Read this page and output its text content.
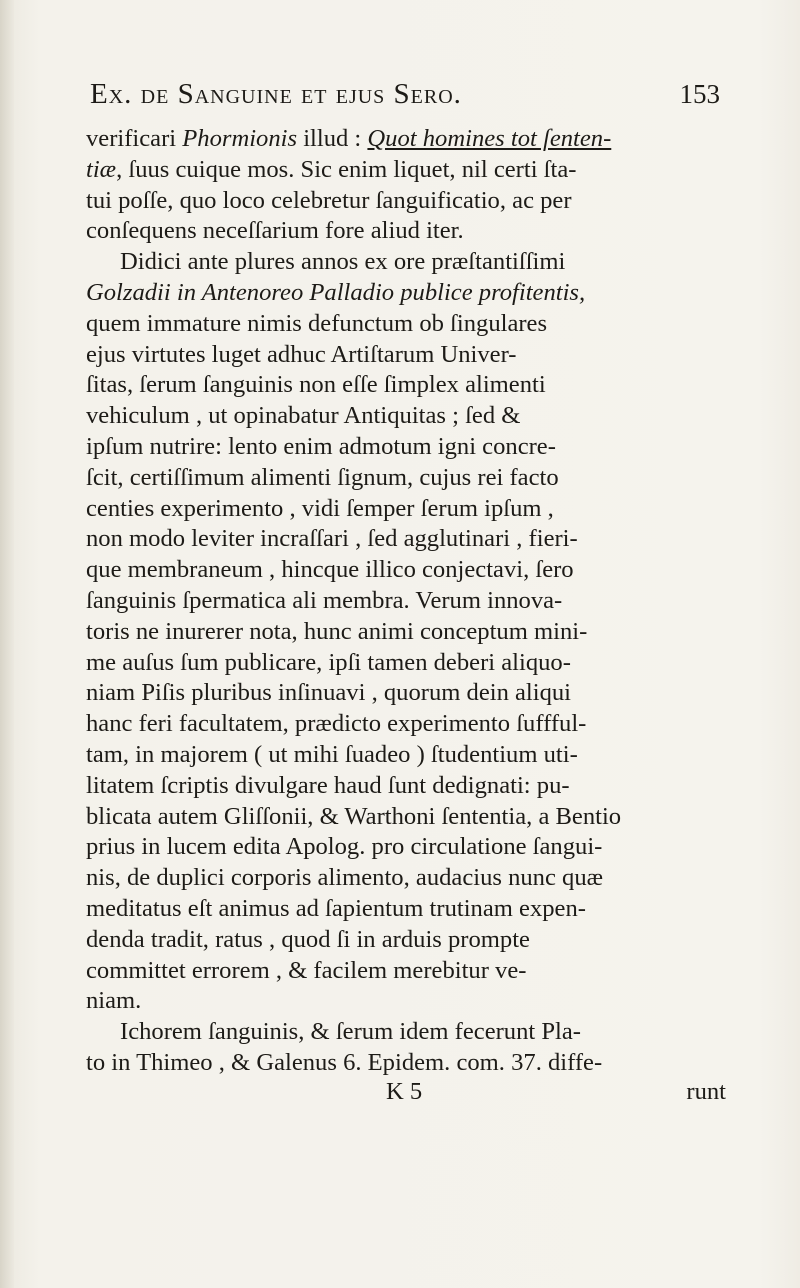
Ex. de Sanguine et ejus Sero.	153
verificari Phormionis illud : Quot homines tot ſenten-
tiæ, ſuus cuique mos. Sic enim liquet, nil certi ſta-
tui poſſe, quo loco celebretur ſanguificatio, ac per
conſequens neceſſarium fore aliud iter.
Didici ante plures annos ex ore præſtantiſſimi
Golzadii in Antenoreo Palladio publice profitentis,
quem immature nimis defunctum ob ſingulares
ejus virtutes luget adhuc Artiſtarum Univer-
ſitas, ſerum ſanguinis non eſſe ſimplex alimenti
vehiculum , ut opinabatur Antiquitas ; ſed &
ipſum nutrire: lento enim admotum igni concre-
ſcit, certiſſimum alimenti ſignum, cujus rei facto
centies experimento , vidi ſemper ſerum ipſum ,
non modo leviter incraſſari , ſed agglutinari , fieri-
que membraneum , hincque illico conjectavi, ſero
ſanguinis ſpermatica ali membra. Verum innova-
toris ne inurerer nota, hunc animi conceptum mini-
me auſus ſum publicare, ipſi tamen deberi aliquo-
niam Piſis pluribus inſinuavi , quorum dein aliqui
hanc feri facultatem, prædicto experimento ſuffful-
tam, in majorem ( ut mihi ſuadeo ) ſtudentium uti-
litatem ſcriptis divulgare haud ſunt dedignati: pu-
blicata autem Gliſſonii, & Warthoni ſententia, a Bentio
prius in lucem edita Apolog. pro circulatione ſangui-
nis, de duplici corporis alimento, audacius nunc quæ
meditatus eſt animus ad ſapientum trutinam expen-
denda tradit, ratus , quod ſi in arduis prompte
committet errorem , & facilem merebitur ve-
niam.
Ichorem ſanguinis, & ſerum idem fecerunt Pla-
to in Thimeo , & Galenus 6. Epidem. com. 37. diffe-
K 5	runt
